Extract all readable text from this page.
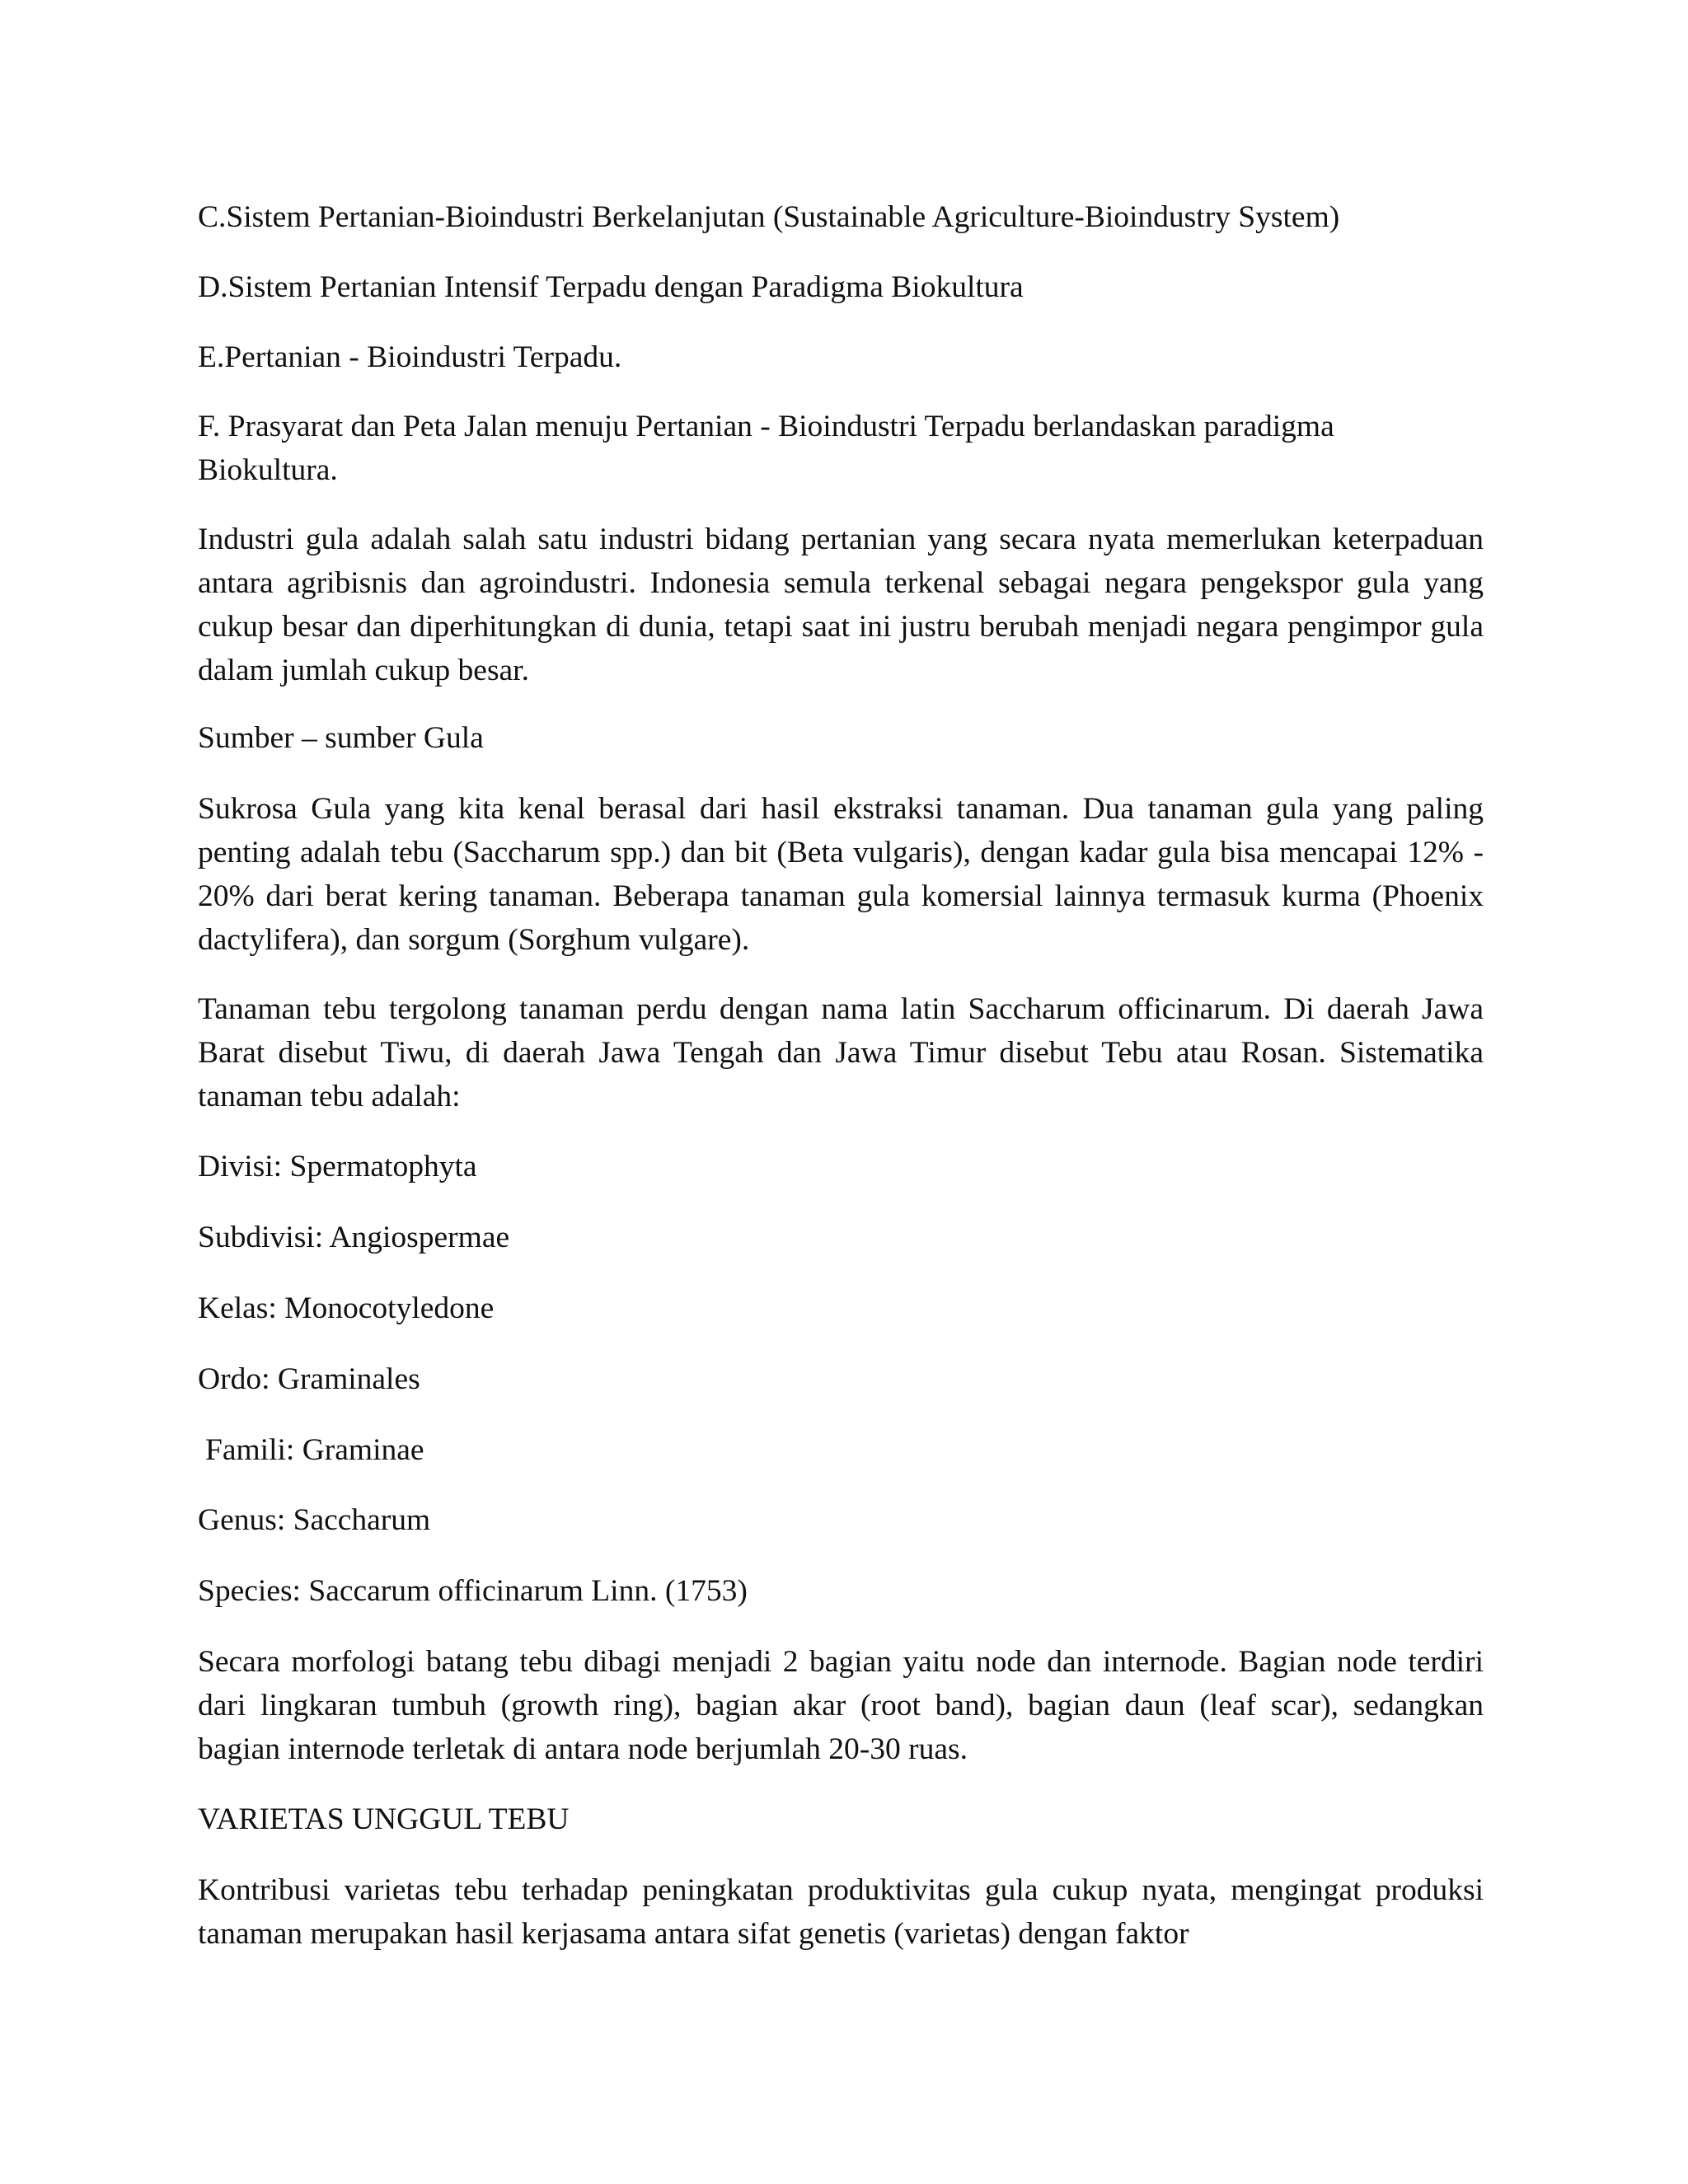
C.Sistem Pertanian-Bioindustri Berkelanjutan (Sustainable Agriculture-Bioindustry System)

D.Sistem Pertanian Intensif Terpadu dengan Paradigma Biokultura

E.Pertanian - Bioindustri Terpadu.

F. Prasyarat dan Peta Jalan menuju Pertanian - Bioindustri Terpadu berlandaskan paradigma Biokultura.

Industri gula adalah salah satu industri bidang pertanian yang secara nyata memerlukan keterpaduan antara agribisnis dan agroindustri. Indonesia semula terkenal sebagai negara pengekspor gula yang cukup besar dan diperhitungkan di dunia, tetapi saat ini justru berubah menjadi negara pengimpor gula dalam jumlah cukup besar.

Sumber – sumber Gula

Sukrosa Gula yang kita kenal berasal dari hasil ekstraksi tanaman. Dua tanaman gula yang paling penting adalah tebu (Saccharum spp.) dan bit (Beta vulgaris), dengan kadar gula bisa mencapai 12% - 20% dari berat kering tanaman. Beberapa tanaman gula komersial lainnya termasuk kurma (Phoenix dactylifera), dan sorgum (Sorghum vulgare).

Tanaman tebu tergolong tanaman perdu dengan nama latin Saccharum officinarum. Di daerah Jawa Barat disebut Tiwu, di daerah Jawa Tengah dan Jawa Timur disebut Tebu atau Rosan. Sistematika tanaman tebu adalah:

Divisi: Spermatophyta

Subdivisi: Angiospermae

Kelas: Monocotyledone

Ordo: Graminales

Famili: Graminae

Genus: Saccharum

Species: Saccarum officinarum Linn. (1753)

Secara morfologi batang tebu dibagi menjadi 2 bagian yaitu node dan internode. Bagian node terdiri dari lingkaran tumbuh (growth ring), bagian akar (root band), bagian daun (leaf scar), sedangkan bagian internode terletak di antara node berjumlah 20-30 ruas.

VARIETAS UNGGUL TEBU

Kontribusi varietas tebu terhadap peningkatan produktivitas gula cukup nyata, mengingat produksi tanaman merupakan hasil kerjasama antara sifat genetis (varietas) dengan faktor
